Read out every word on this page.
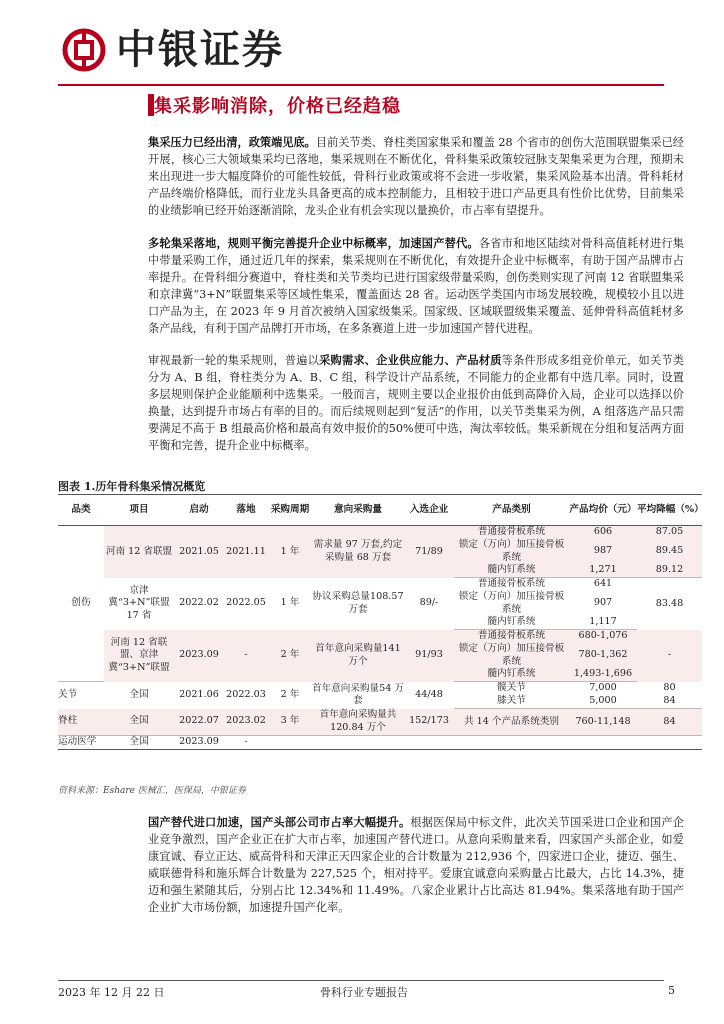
中银证券
集采影响消除，价格已经趋稳

集采压力已经出清，政策端见底。目前关节类、脊柱类国家集采和覆盖 28 个省市的创伤大范围联盟集采已经开展，核心三大领域集采均已落地，集采规则在不断优化，骨科集采政策较冠脉支架集采更为合理，预期未来出现进一步大幅度降价的可能性较低，骨科行业政策或将不会进一步收紧，集采风险基本出清。骨科耗材产品终端价格降低，而行业龙头具备更高的成本控制能力，且相较于进口产品更具有性价比优势，目前集采的业绩影响已经开始逐渐消除，龙头企业有机会实现以量换价，市占率有望提升。

多轮集采落地，规则平衡完善提升企业中标概率，加速国产替代。各省市和地区陆续对骨科高值耗材进行集中带量采购工作，通过近几年的探索，集采规则在不断优化，有效提升企业中标概率，有助于国产品牌市占率提升。在骨科细分赛道中，脊柱类和关节类均已进行国家级带量采购，创伤类则实现了河南 12 省联盟集采和京津冀“3+N”联盟集采等区域性集采，覆盖面达 28 省。运动医学类国内市场发展较晚，规模较小且以进口产品为主，在 2023 年 9 月首次被纳入国家级集采。国家级、区域联盟级集采覆盖、延伸骨科高值耗材多条产品线，有利于国产品牌打开市场，在多条赛道上进一步加速国产替代进程。

审视最新一轮的集采规则，普遍以采购需求、企业供应能力、产品材质等条件形成多组竞价单元，如关节类分为 A、B 组，脊柱类分为 A、B、C 组，科学设计产品系统，不同能力的企业都有中选几率。同时，设置多层规则保护企业能顺利中选集采。一般而言，规则主要以企业报价由低到高降价入局，企业可以选择以价换量，达到提升市场占有率的目的。而后续规则起到“复活”的作用，以关节类集采为例，A 组落选产品只需要满足不高于 B 组最高价格和最高有效申报价的50%便可中选，淘汰率较低。集采新规在分组和复活两方面平衡和完善，提升企业中标概率。

图表 1.历年骨科集采情况概览

品类	项目	启动	落地	采购周期	意向采购量	入选企业	产品类别	产品均价（元）	平均降幅（%）
创伤	河南 12 省联盟	2021.05	2021.11	1 年	需求量 97 万套,约定采购量 68 万套	71/89	普通接骨板系统	606	87.05
							锁定（万向）加压接骨板系统	987	89.45
							髓内钉系统	1,271	89.12
	京津冀“3+N”联盟 17 省	2022.02	2022.05	1 年	协议采购总量108.57 万套	89/-	普通接骨板系统	641	83.48
							锁定（万向）加压接骨板系统	907	
							髓内钉系统	1,117	
	河南 12 省联盟、京津冀“3+N”联盟	2023.09	-	2 年	首年意向采购量141 万个	91/93	普通接骨板系统	680-1,076	-
							锁定（万向）加压接骨板系统	780-1,362	
							髓内钉系统	1,493-1,696	
关节	全国	2021.06	2022.03	2 年	首年意向采购量54 万套	44/48	髋关节	7,000	80
							膝关节	5,000	84
脊柱	全国	2022.07	2023.02	3 年	首年意向采购量共 120.84 万个	152/173	共 14 个产品系统类别	760-11,148	84
运动医学	全国	2023.09	-						

资料来源：Eshare 医械汇，医保局，中银证券

国产替代进口加速，国产头部公司市占率大幅提升。根据医保局中标文件，此次关节国采进口企业和国产企业竞争激烈，国产企业正在扩大市占率，加速国产替代进口。从意向采购量来看，四家国产头部企业，如爱康宜诚、春立正达、威高骨科和天津正天四家企业的合计数量为 212,936 个，四家进口企业，捷迈、强生、威联德骨科和施乐辉合计数量为 227,525 个，相对持平。爱康宜诚意向采购量占比最大，占比 14.3%，捷迈和强生紧随其后，分别占比 12.34%和 11.49%。八家企业累计占比高达 81.94%。集采落地有助于国产企业扩大市场份额，加速提升国产化率。

2023 年 12 月 22 日	骨科行业专题报告	5
